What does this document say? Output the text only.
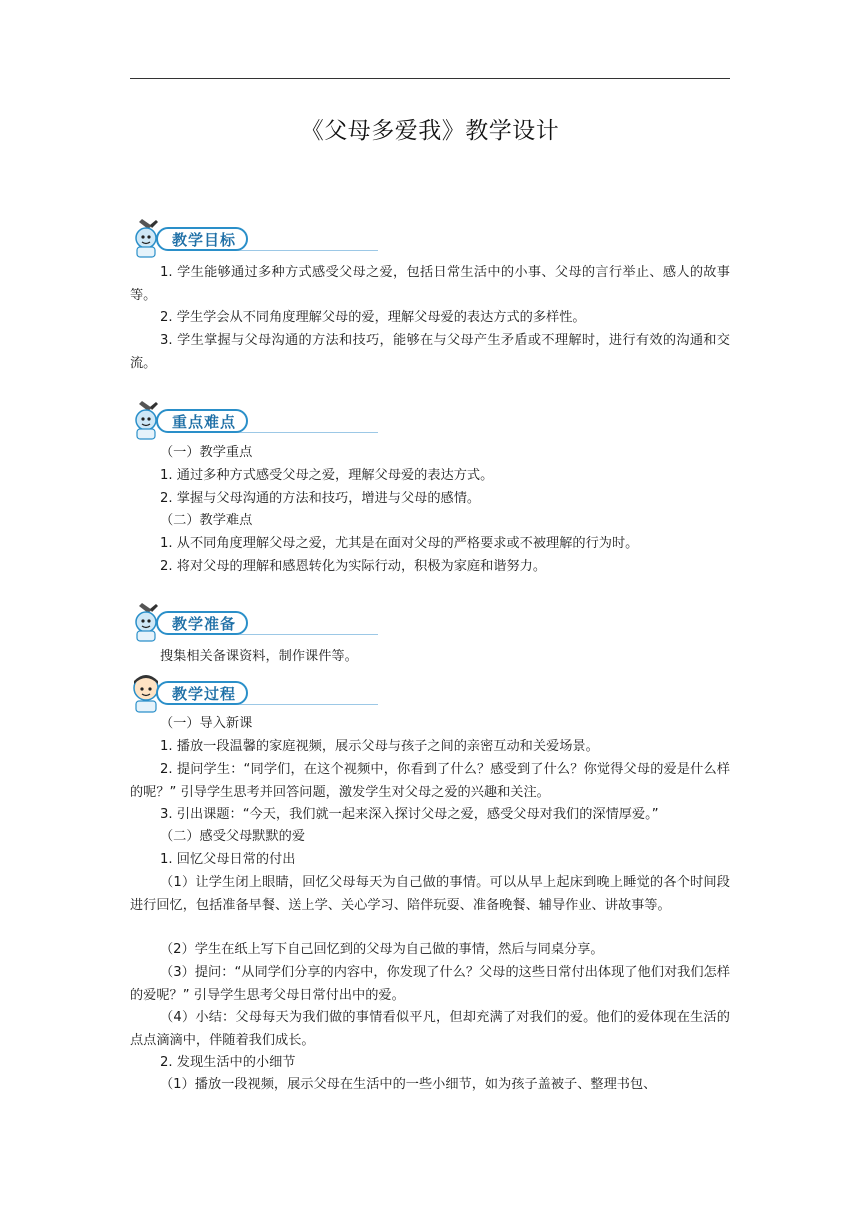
《父母多爱我》教学设计
教学目标
1. 学生能够通过多种方式感受父母之爱，包括日常生活中的小事、父母的言行举止、感人的故事等。
2. 学生学会从不同角度理解父母的爱，理解父母爱的表达方式的多样性。
3. 学生掌握与父母沟通的方法和技巧，能够在与父母产生矛盾或不理解时，进行有效的沟通和交流。
重点难点
（一）教学重点
1. 通过多种方式感受父母之爱，理解父母爱的表达方式。
2. 掌握与父母沟通的方法和技巧，增进与父母的感情。
（二）教学难点
1. 从不同角度理解父母之爱，尤其是在面对父母的严格要求或不被理解的行为时。
2. 将对父母的理解和感恩转化为实际行动，积极为家庭和谐努力。
教学准备
搜集相关备课资料，制作课件等。
教学过程
（一）导入新课
1. 播放一段温馨的家庭视频，展示父母与孩子之间的亲密互动和关爱场景。
2. 提问学生：“同学们，在这个视频中，你看到了什么？感受到了什么？你觉得父母的爱是什么样的呢？” 引导学生思考并回答问题，激发学生对父母之爱的兴趣和关注。
3. 引出课题：“今天，我们就一起来深入探讨父母之爱，感受父母对我们的深情厚爱。”
（二）感受父母默默的爱
1. 回忆父母日常的付出
（1）让学生闭上眼睛，回忆父母每天为自己做的事情。可以从早上起床到晚上睡觉的各个时间段进行回忆，包括准备早餐、送上学、关心学习、陪伴玩耍、准备晚餐、辅导作业、讲故事等。
（2）学生在纸上写下自己回忆到的父母为自己做的事情，然后与同桌分享。
（3）提问：“从同学们分享的内容中，你发现了什么？父母的这些日常付出体现了他们对我们怎样的爱呢？” 引导学生思考父母日常付出中的爱。
（4）小结：父母每天为我们做的事情看似平凡，但却充满了对我们的爱。他们的爱体现在生活的点点滴滴中，伴随着我们成长。
2. 发现生活中的小细节
（1）播放一段视频，展示父母在生活中的一些小细节，如为孩子盖被子、整理书包、
